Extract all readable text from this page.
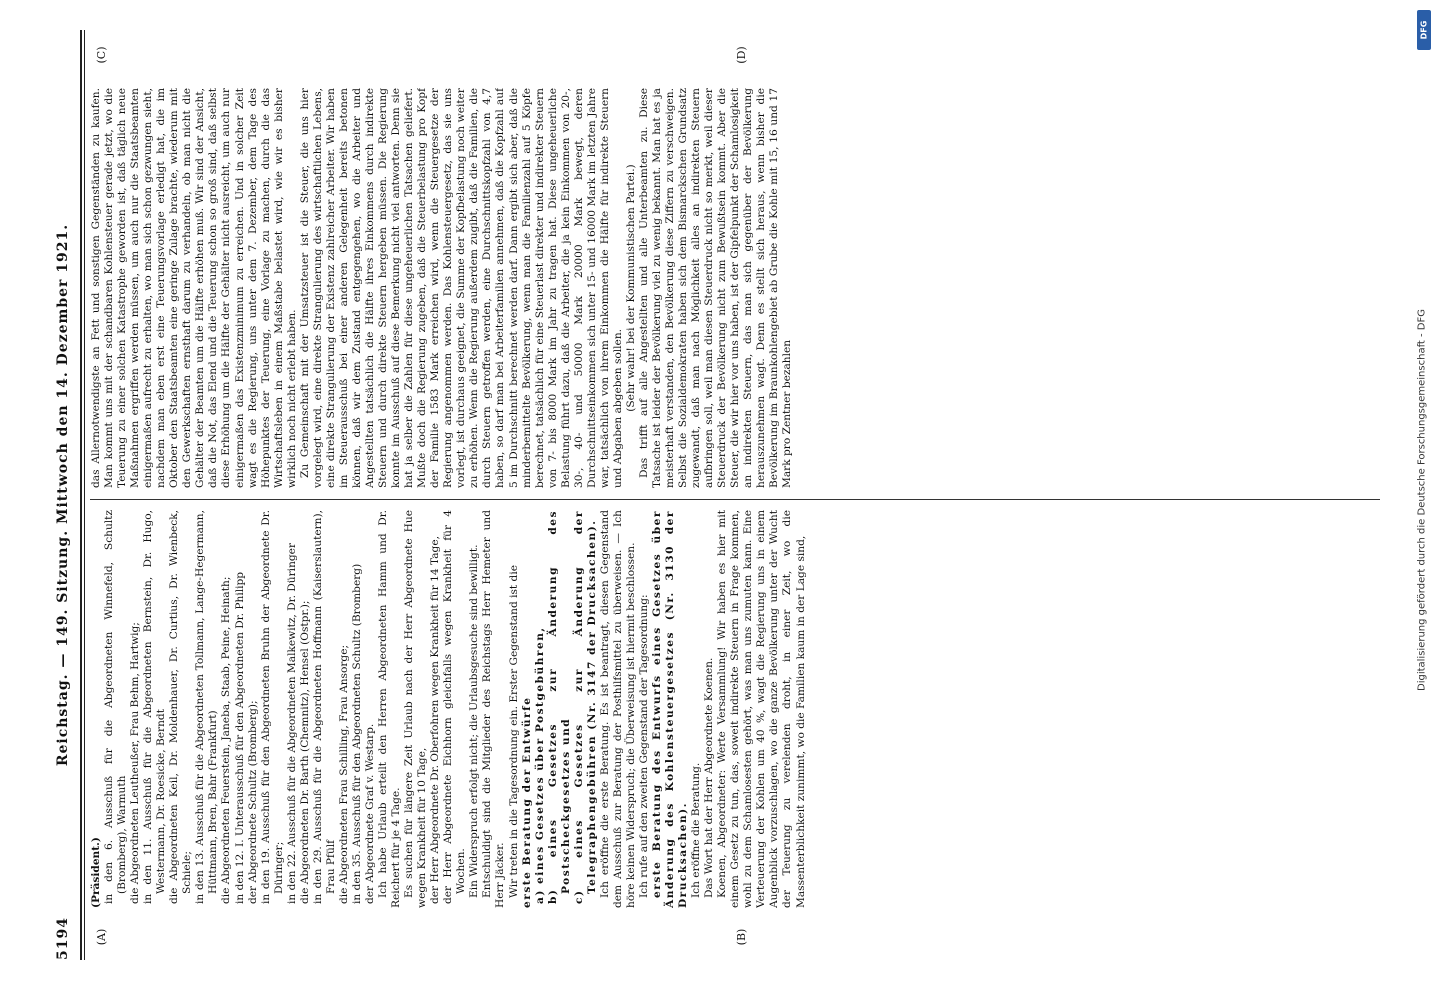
5194
Reichstag. — 149. Sitzung. Mittwoch den 14. Dezember 1921.
(A)	(B)
(C)	(D)

(Präsident.) in den 6. Ausschuß für die Abgeordneten Winnefeld, Schultz (Bromberg), Warmuth die Abgeordneten Leutheußer, Frau Behm, Hartwig; in den 11. Ausschuß für die Abgeordneten Bernstein, Dr. Hugo, Westermann, Dr. Roesicke, Berndt die Abgeordneten Keil, Dr. Moldenhauer, Dr. Curtius, Dr. Wienbeck, Schiele; in den 13. Ausschuß für die Abgeordneten Tollmann, Lange-Hegermann, Hüttmann, Bren, Bahr (Frankfurt) die Abgeordneten Feuerstein, Janeba, Staab, Peine, Heinath; in den 12. I. Unterausschuß für den Abgeordneten Dr. Philipp der Abgeordnete Schultz (Bromberg); in den 19. Ausschuß für den Abgeordneten Bruhn der Abgeordnete Dr. Düringer; in den 22. Ausschuß für die Abgeordneten Malkewitz, Dr. Düringer die Abgeordneten Dr. Barth (Chemnitz), Hensel (Ostpr.); in den 29. Ausschuß für die Abgeordneten Hoffmann (Kaiserslautern), Frau Pfülf die Abgeordneten Frau Schilling, Frau Ansorge; in den 35. Ausschuß für den Abgeordneten Schultz (Bromberg) der Abgeordnete Graf v. Westarp. Ich habe Urlaub erteilt den Herren Abgeordneten Hamm und Dr. Reichert für je 4 Tage. Es suchen für längere Zeit Urlaub nach der Herr Abgeordnete Hue wegen Krankheit für 10 Tage, der Herr Abgeordnete Dr. Oberfohren wegen Krankheit für 14 Tage, der Herr Abgeordnete Eichhorn gleichfalls wegen Krankheit für 4 Wochen. Ein Widerspruch erfolgt nicht; die Urlaubsgesuche sind bewilligt. Entschuldigt sind die Mitglieder des Reichstags Herr Hemeter und Herr Jäcker. Wir treten in die Tagesordnung ein. Erster Gegenstand ist die erste Beratung der Entwürfe a) eines Gesetzes über Postgebühren, b) eines Gesetzes zur Änderung des Postscheckgesetzes und c) eines Gesetzes zur Änderung der Telegraphengebühren (Nr. 3147 der Drucksachen). Ich eröffne die erste Beratung. Es ist beantragt, diesen Gegenstand dem Ausschuß zur Beratung der Posthilfsmittel zu überweisen. — Ich höre keinen Widerspruch; die Überweisung ist hiermit beschlossen. Ich rufe auf den zweiten Gegenstand der Tagesordnung: erste Beratung des Entwurfs eines Gesetzes über Änderung des Kohlensteuergesetzes (Nr. 3130 der Drucksachen). Ich eröffne die Beratung. Das Wort hat der Herr Abgeordnete Koenen. Koenen, Abgeordneter: Werte Versammlung! Wir haben es hier mit einem Gesetz zu tun, das, soweit indirekte Steuern in Frage kommen, wohl zu dem Schamlosesten gehört, was man uns zumuten kann. Eine Verteuerung der Kohlen um 40 %, wagt die Regierung uns in einem Augenblick vorzuschlagen, wo die ganze Bevölkerung unter der Wucht der Teuerung zu verelenden droht, in einer Zeit, wo die Massenterblichkeit zunimmt, wo die Familien kaum in der Lage sind,

das Allernotwendigste an Fett und sonstigen Gegenständen zu kaufen. Man kommt uns mit der schandbaren Kohlensteuer gerade jetzt, wo die Teuerung zu einer solchen Katastrophe geworden ist, daß täglich neue Maßnahmen ergriffen werden müssen, um auch nur die Staatsbeamten einigermaßen aufrecht zu erhalten, wo man sich schon gezwungen sieht, nachdem man eben erst eine Teuerungsvorlage erledigt hat, die im Oktober den Staatsbeamten eine geringe Zulage brachte, wiederum mit den Gewerkschaften ernsthaft darum zu verhandeln, ob man nicht die Gehälter der Beamten um die Hälfte erhöhen muß. Wir sind der Ansicht, daß die Not, das Elend und die Teuerung schon so groß sind, daß selbst diese Erhöhung um die Hälfte der Gehälter nicht ausreicht, um auch nur einigermaßen das Existenzminimum zu erreichen. Und in solcher Zeit wagt es die Regierung, uns unter dem 7. Dezember, dem Tage des Höhepunktes der Teuerung, eine Vorlage zu machen, durch die das Wirtschaftsleben in einem Maßstabe belastet wird, wie wir es bisher wirklich noch nicht erlebt haben. Zu Gemeinschaft mit der Umsatzsteuer ist die Steuer, die uns hier vorgelegt wird, eine direkte Strangulierung des wirtschaftlichen Lebens, eine direkte Strangulierung der Existenz zahlreicher Arbeiter. Wir haben im Steuerausschuß bei einer anderen Gelegenheit bereits betonen können, daß wir dem Zustand entgegengehen, wo die Arbeiter und Angestellten tatsächlich die Hälfte ihres Einkommens durch indirekte Steuern und durch direkte Steuern hergeben müssen. Die Regierung konnte im Ausschuß auf diese Bemerkung nicht viel antworten. Denn sie hat ja selber die Zahlen für diese ungeheuerlichen Tatsachen geliefert. Mußte doch die Regierung zugeben, daß die Steuerbelastung pro Kopf der Familie 1583 Mark erreichen wird, wenn die Steuergesetze der Regierung angenommen werden. Das Kohlensteuergesetz, das sie uns vorlegt, ist durchaus geeignet, die Summe der Kopfbelastung noch weiter zu erhöhen. Wenn die Regierung außerdem zugibt, daß die Familien, die durch Steuern getroffen werden, eine Durchschnittskopfzahl von 4,7 haben, so darf man bei Arbeiterfamilien annehmen, daß die Kopfzahl auf 5 im Durchschnitt berechnet werden darf. Dann ergibt sich aber, daß die minderbemittelte Bevölkerung, wenn man die Familienzahl auf 5 Köpfe berechnet, tatsächlich für eine Steuerlast direkter und indirekter Steuern von 7- bis 8000 Mark im Jahr zu tragen hat. Diese ungeheuerliche Belastung führt dazu, daß die Arbeiter, die ja kein Einkommen von 20-, 30-, 40- und 50000 Mark 20000 Mark bewegt, deren Durchschnittseinkommen sich unter 15- und 16000 Mark im letzten Jahre war, tatsächlich von ihrem Einkommen die Hälfte für indirekte Steuern und Abgaben abgeben sollen. (Sehr wahr! bei der Kommunistischen Partei.) Das trifft auf alle Angestellten und alle Unterbeamten zu. Diese Tatsache ist leider der Bevölkerung viel zu wenig bekannt. Man hat es ja meisterhaft verstanden, den Bevölkerung diese Ziffern zu verschweigen. Selbst die Sozialdemokraten haben sich dem Bismarckschen Grundsatz zugewandt, daß man nach Möglichkeit alles an indirekten Steuern aufbringen soll, weil man diesen Steuerdruck nicht so merkt, weil dieser Steuerdruck der Bevölkerung nicht zum Bewußtsein kommt. Aber die Steuer, die wir hier vor uns haben, ist der Gipfelpunkt der Schamlosigkeit an indirekten Steuern, das man sich gegenüber der Bevölkerung herauszunehmen wagt. Denn es stellt sich heraus, wenn bisher die Bevölkerung im Braunkohlengebiet ab Grube die Kohle mit 15, 16 und 17 Mark pro Zentner bezahlen	Digitalisierung gefördert durch die Deutsche Forschungsgemeinschaft - DFG
DFG
